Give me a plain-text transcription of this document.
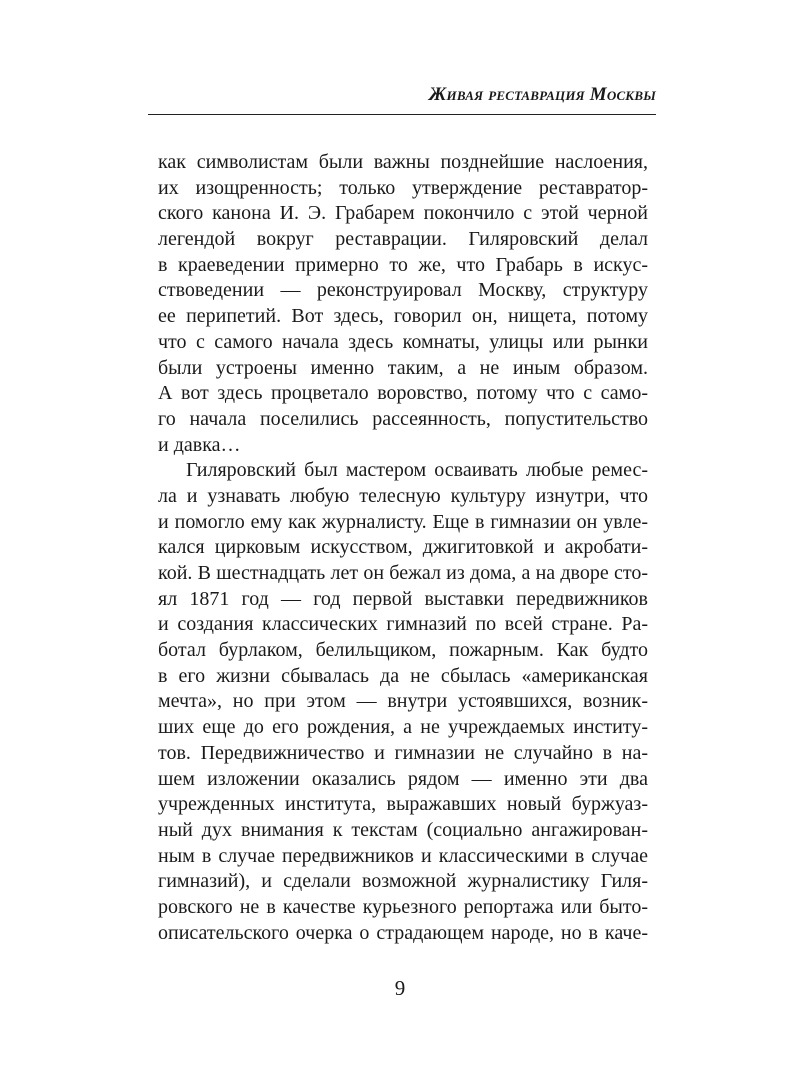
Живая реставрация Москвы
как символистам были важны позднейшие наслоения,
их изощренность; только утверждение реставратор-
ского канона И. Э. Грабарем покончило с этой черной
легендой вокруг реставрации. Гиляровский делал
в краеведении примерно то же, что Грабарь в искус-
ствоведении — реконструировал Москву, структуру
ее перипетий. Вот здесь, говорил он, нищета, потому
что с самого начала здесь комнаты, улицы или рынки
были устроены именно таким, а не иным образом.
А вот здесь процветало воровство, потому что с само-
го начала поселились рассеянность, попустительство
и давка…
Гиляровский был мастером осваивать любые ремес-
ла и узнавать любую телесную культуру изнутри, что
и помогло ему как журналисту. Еще в гимназии он увле-
кался цирковым искусством, джигитовкой и акробати-
кой. В шестнадцать лет он бежал из дома, а на дворе сто-
ял 1871 год — год первой выставки передвижников
и создания классических гимназий по всей стране. Ра-
ботал бурлаком, белильщиком, пожарным. Как будто
в его жизни сбывалась да не сбылась «американская
мечта», но при этом — внутри устоявшихся, возник-
ших еще до его рождения, а не учреждаемых институ-
тов. Передвижничество и гимназии не случайно в на-
шем изложении оказались рядом — именно эти два
учрежденных института, выражавших новый буржуаз-
ный дух внимания к текстам (социально ангажирован-
ным в случае передвижников и классическими в случае
гимназий), и сделали возможной журналистику Гиля-
ровского не в качестве курьезного репортажа или быто-
описательского очерка о страдающем народе, но в каче-
9
